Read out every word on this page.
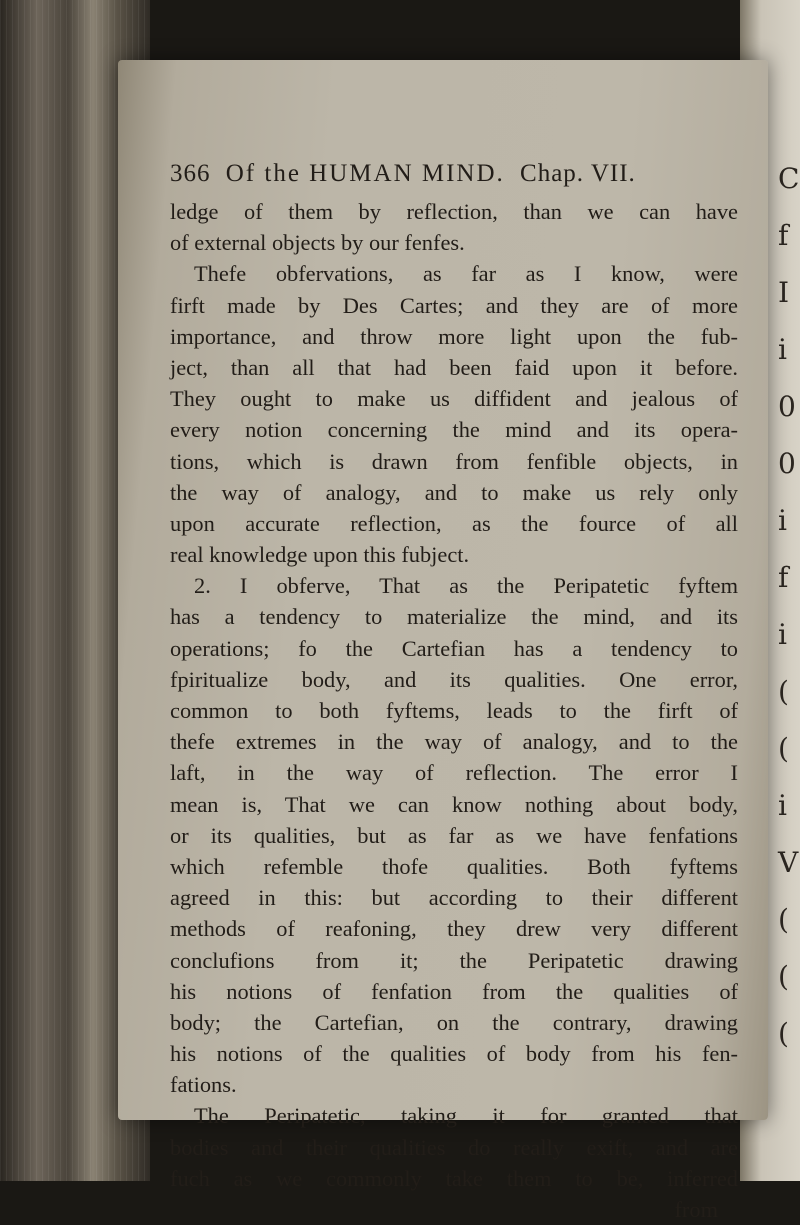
C
f
I
i
0
0
i
f
i
(
(
i
V
(
(
(
366 Of the HUMAN MIND. Chap. VII.
ledge of them by reflection, than we can have
of external objects by our fenfes.
Thefe obfervations, as far as I know, were
firft made by Des Cartes; and they are of more
importance, and throw more light upon the fub-
ject, than all that had been faid upon it before.
They ought to make us diffident and jealous of
every notion concerning the mind and its opera-
tions, which is drawn from fenfible objects, in
the way of analogy, and to make us rely only
upon accurate reflection, as the fource of all
real knowledge upon this fubject.
2. I obferve, That as the Peripatetic fyftem
has a tendency to materialize the mind, and its
operations; fo the Cartefian has a tendency to
fpiritualize body, and its qualities. One error,
common to both fyftems, leads to the firft of
thefe extremes in the way of analogy, and to the
laft, in the way of reflection. The error I
mean is, That we can know nothing about body,
or its qualities, but as far as we have fenfations
which refemble thofe qualities. Both fyftems
agreed in this: but according to their different
methods of reafoning, they drew very different
conclufions from it; the Peripatetic drawing
his notions of fenfation from the qualities of
body; the Cartefian, on the contrary, drawing
his notions of the qualities of body from his fen-
fations.
The Peripatetic, taking it for granted that
bodies and their qualities do really exift, and are
fuch as we commonly take them to be, inferred
from
